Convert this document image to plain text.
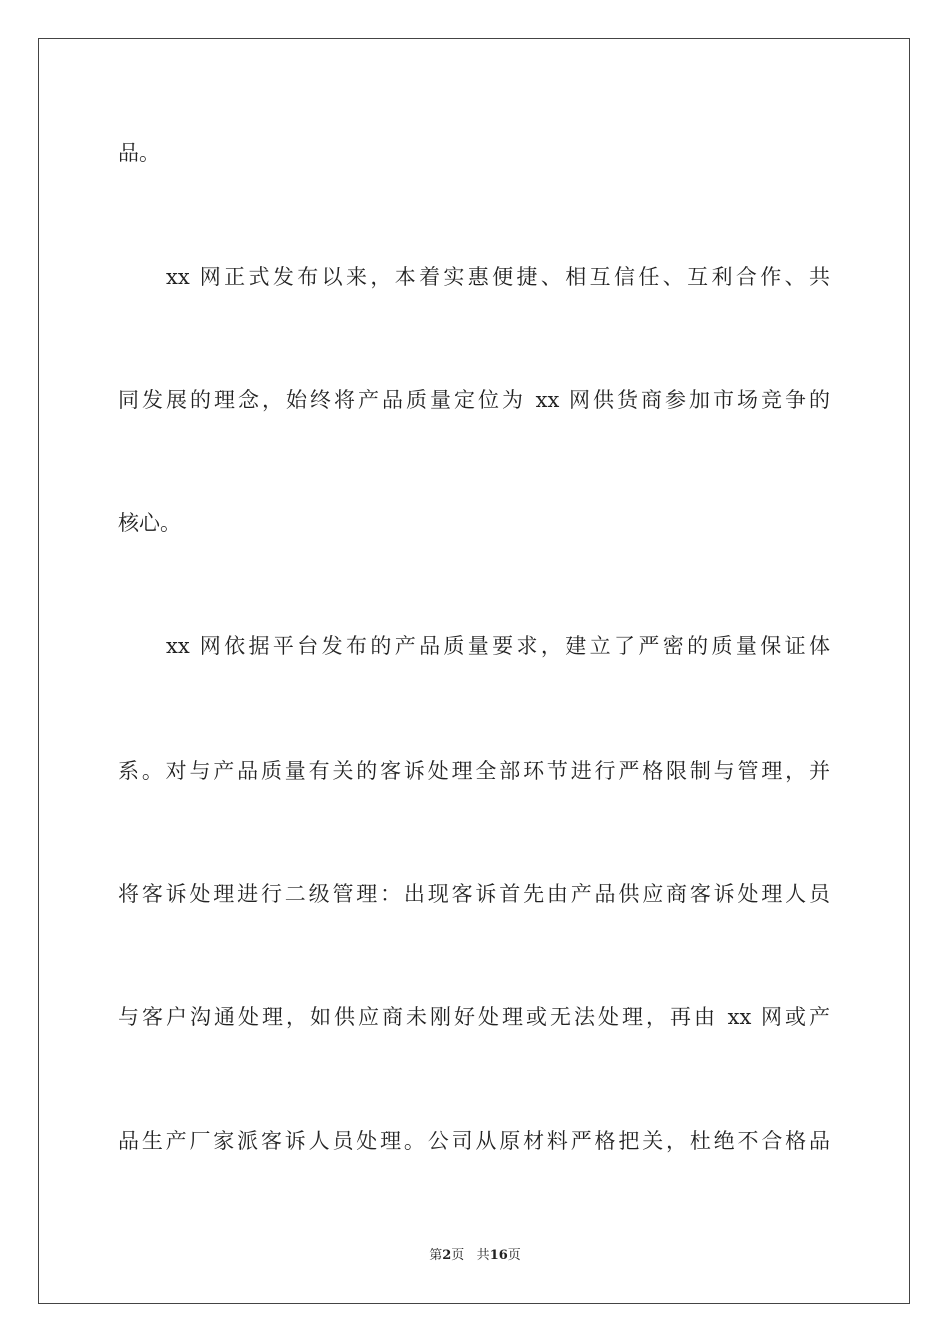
品。
xx 网正式发布以来，本着实惠便捷、相互信任、互利合作、共
同发展的理念，始终将产品质量定位为 xx 网供货商参加市场竞争的
核心。
xx 网依据平台发布的产品质量要求，建立了严密的质量保证体
系。对与产品质量有关的客诉处理全部环节进行严格限制与管理，并
将客诉处理进行二级管理：出现客诉首先由产品供应商客诉处理人员
与客户沟通处理，如供应商未刚好处理或无法处理，再由 xx 网或产
品生产厂家派客诉人员处理。公司从原材料严格把关，杜绝不合格品
第2页 共16页
